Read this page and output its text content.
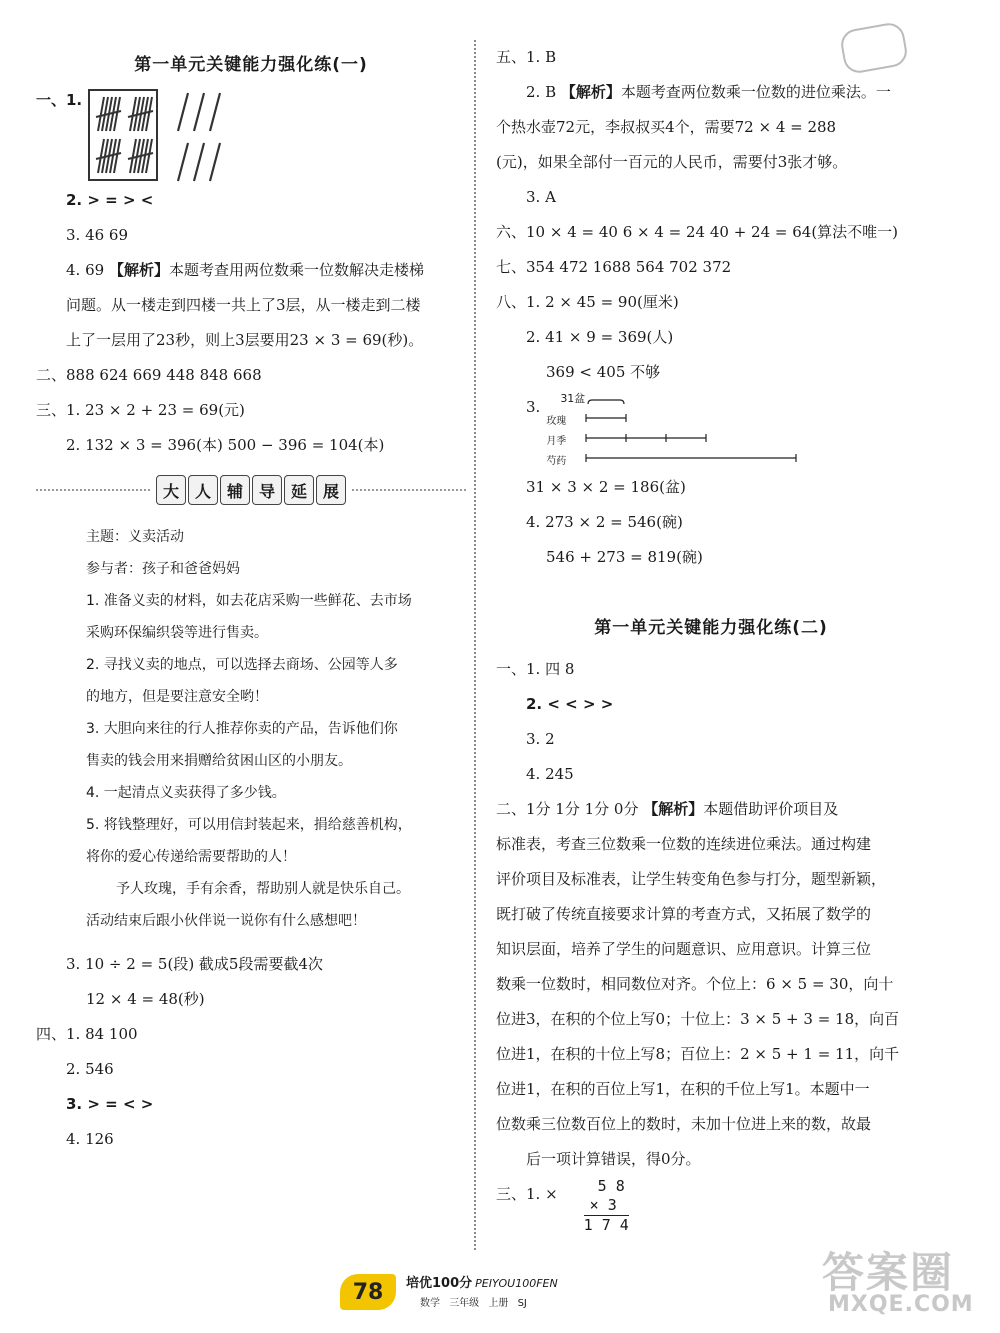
第一单元关键能力强化练(一)
一、1.
2. > = > <
3. 46 69
4. 69 【解析】本题考查用两位数乘一位数解决走楼梯
问题。从一楼走到四楼一共上了3层，从一楼走到二楼
上了一层用了23秒，则上3层要用23 × 3 = 69(秒)。
二、888 624 669 448 848 668
三、1. 23 × 2 + 23 = 69(元)
2. 132 × 3 = 396(本) 500 − 396 = 104(本)
大 人 辅 导 延 展
主题：义卖活动
参与者：孩子和爸爸妈妈
1. 准备义卖的材料，如去花店采购一些鲜花、去市场
采购环保编织袋等进行售卖。
2. 寻找义卖的地点，可以选择去商场、公园等人多
的地方，但是要注意安全哟！
3. 大胆向来往的行人推荐你卖的产品，告诉他们你
售卖的钱会用来捐赠给贫困山区的小朋友。
4. 一起清点义卖获得了多少钱。
5. 将钱整理好，可以用信封装起来，捐给慈善机构，
将你的爱心传递给需要帮助的人！
予人玫瑰，手有余香，帮助别人就是快乐自己。
活动结束后跟小伙伴说一说你有什么感想吧！
3. 10 ÷ 2 = 5(段) 截成5段需要截4次
12 × 4 = 48(秒)
四、1. 84 100
2. 546
3. > = < >
4. 126
五、1. B
2. B 【解析】本题考查两位数乘一位数的进位乘法。一
个热水壶72元，李叔叔买4个，需要72 × 4 = 288
(元)，如果全部付一百元的人民币，需要付3张才够。
3. A
六、10 × 4 = 40 6 × 4 = 24 40 + 24 = 64(算法不唯一)
七、354 472 1688 564 702 372
八、1. 2 × 45 = 90(厘米)
2. 41 × 9 = 369(人)
369 < 405 不够
3. 31盆
玫瑰
月季
芍药
31 × 3 × 2 = 186(盆)
4. 273 × 2 = 546(碗)
546 + 273 = 819(碗)
第一单元关键能力强化练(二)
一、1. 四 8
2. < < > >
3. 2
4. 245
二、1分 1分 1分 0分 【解析】本题借助评价项目及
标准表，考查三位数乘一位数的连续进位乘法。通过构建
评价项目及标准表，让学生转变角色参与打分，题型新颖，
既打破了传统直接要求计算的考查方式，又拓展了数学的
知识层面，培养了学生的问题意识、应用意识。计算三位
数乘一位数时，相同数位对齐。个位上：6 × 5 = 30，向十
位进3，在积的个位上写0；十位上：3 × 5 + 3 = 18，向百
位进1，在积的十位上写8；百位上：2 × 5 + 1 = 11，向千
位进1，在积的百位上写1，在积的千位上写1。本题中一
位数乘三位数百位上的数时，未加十位进上来的数，故最
后一项计算错误，得0分。
三、1. ×	5 8
× 3
1 7 4
78	培优100分 PEIYOU100FEN
数学 三年级 上册 SJ
答案圈
MXQE.COM
